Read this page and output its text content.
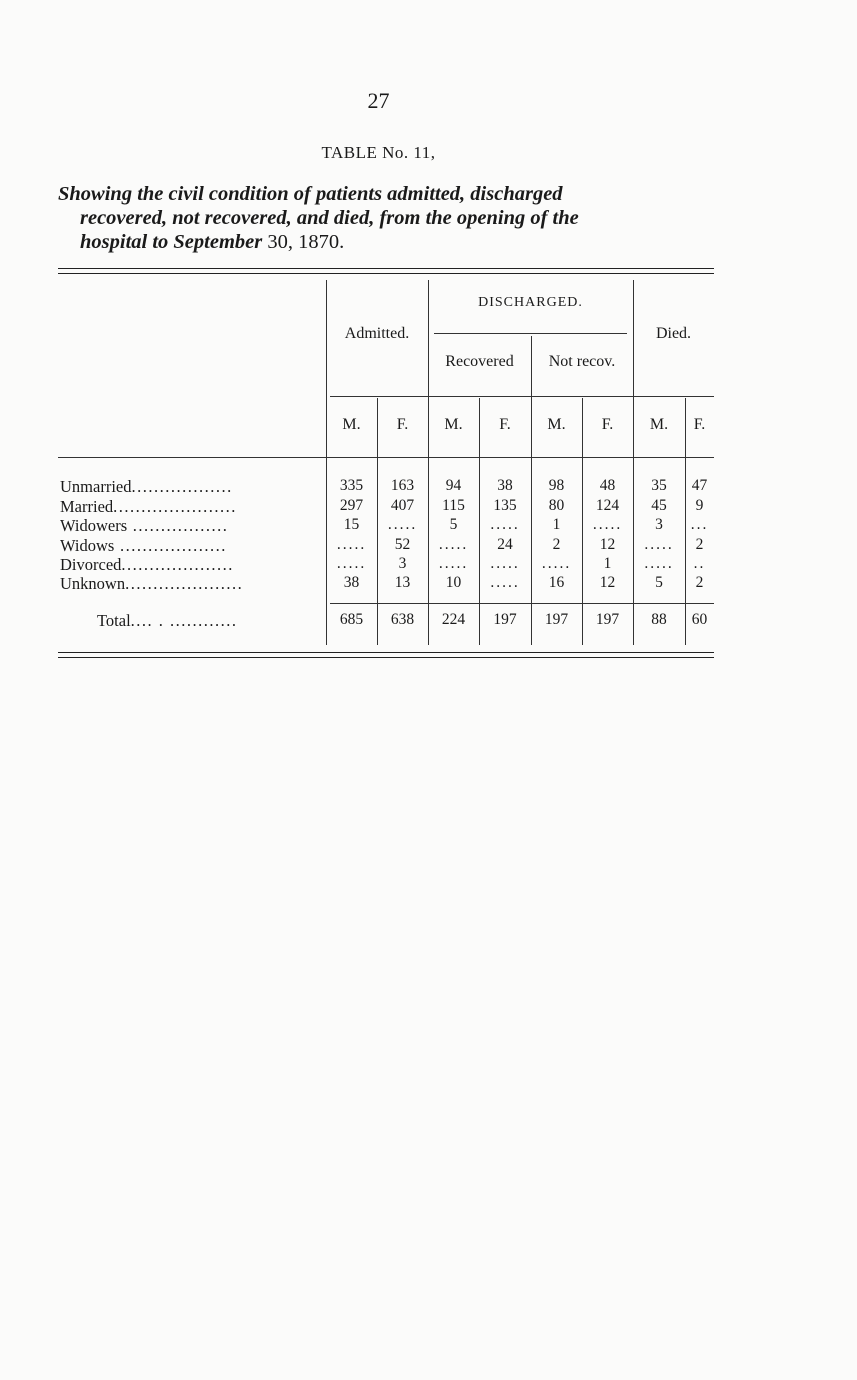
27
TABLE No. 11,
Showing the civil condition of patients admitted, discharged
recovered, not recovered, and died, from the opening of the
hospital to September 30, 1870.
Admitted.
DISCHARGED.
Recovered	Not recov.
Died.
M.	F.	M.	F.	M.	F.	M.	F.
Unmarried..................	335	163	94	38	98	48	35	47
Married......................	297	407	115	135	80	124	45	9
Widowers .................	15	.....	5	.....	1	.....	3	...
Widows ...................	.....	52	.....	24	2	12	.....	2
Divorced....................	.....	3	.....	.....	.....	1	.....	..
Unknown.....................	38	13	10	.....	16	12	5	2
Total.... . ............	685	638	224	197	197	197	88	60
